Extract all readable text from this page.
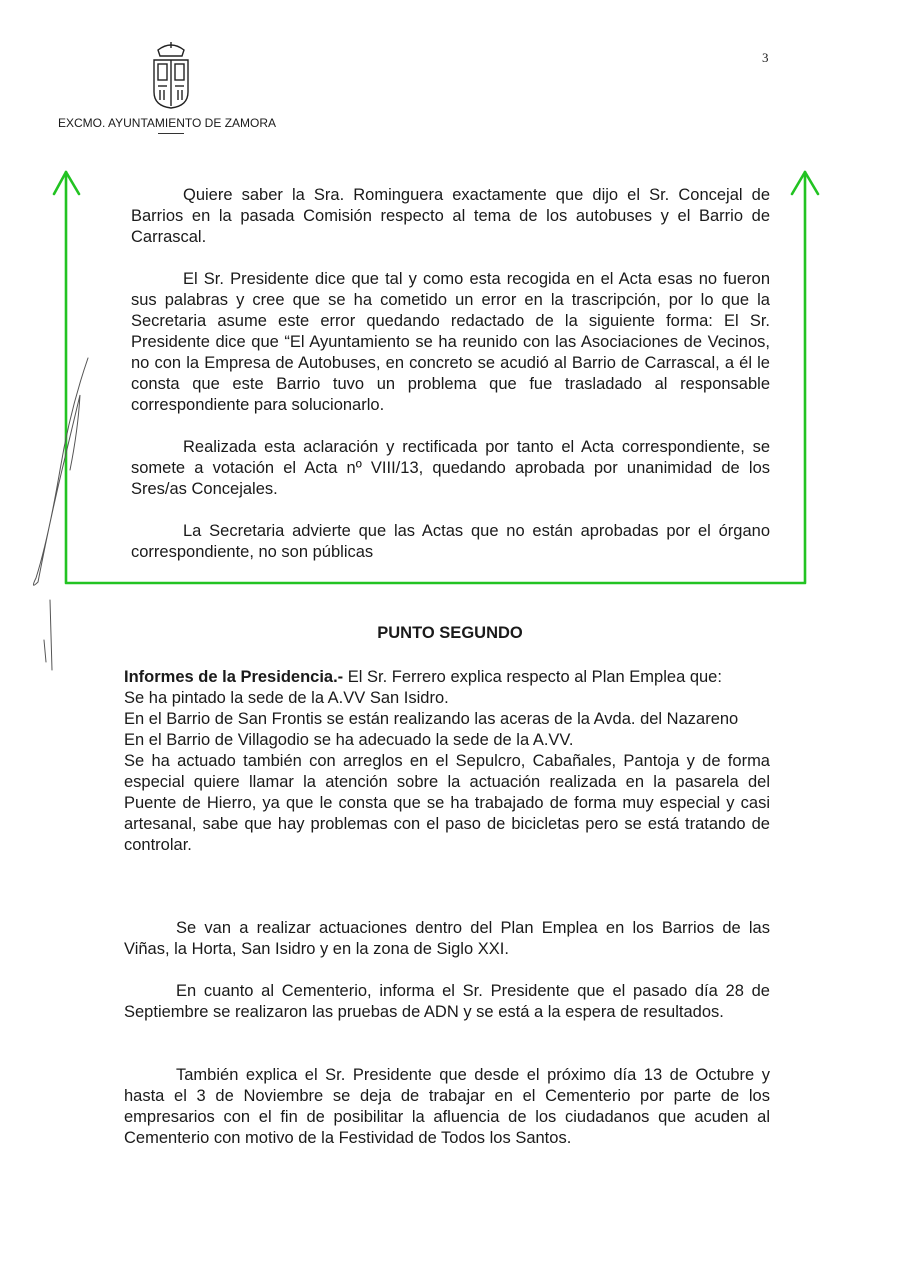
EXCMO. AYUNTAMIENTO DE ZAMORA
3
Quiere saber la Sra. Rominguera exactamente que dijo el Sr. Concejal de Barrios en la pasada Comisión respecto al tema de los autobuses y el Barrio de Carrascal.
El Sr. Presidente dice que tal y como esta recogida en el Acta esas no fueron sus palabras y cree que se ha cometido un error en la trascripción, por lo que la Secretaria asume este error quedando redactado de la siguiente forma: El Sr. Presidente dice que “El Ayuntamiento se ha reunido con las Asociaciones de Vecinos, no con la Empresa de Autobuses, en concreto se acudió al Barrio de Carrascal, a él le consta que este Barrio tuvo un problema que fue trasladado al responsable correspondiente para solucionarlo.
Realizada esta aclaración y rectificada por tanto el Acta correspondiente, se somete a votación el Acta nº VIII/13, quedando aprobada por unanimidad de los Sres/as Concejales.
La Secretaria advierte que las Actas que no están aprobadas por el órgano correspondiente, no son públicas
PUNTO SEGUNDO
Informes de la Presidencia.- El Sr. Ferrero explica respecto al Plan Emplea que:
Se ha pintado la sede de la A.VV San Isidro.
En el Barrio de San Frontis se están realizando las aceras de la Avda. del Nazareno
En el Barrio de Villagodio se ha adecuado la sede de la A.VV.
Se ha actuado también con arreglos en el Sepulcro, Cabañales, Pantoja y de forma especial quiere llamar la atención sobre la actuación realizada en la pasarela del Puente de Hierro, ya que le consta que se ha trabajado de forma muy especial y casi artesanal, sabe que hay problemas con el paso de bicicletas pero se está tratando de controlar.
Se van a realizar actuaciones dentro del Plan Emplea en los Barrios de las Viñas, la Horta, San Isidro y en la zona de Siglo XXI.
En cuanto al Cementerio, informa el Sr. Presidente que el pasado día 28 de Septiembre se realizaron las pruebas de ADN y se está a la espera de resultados.
También explica el Sr. Presidente que desde el próximo día 13 de Octubre y hasta el 3 de Noviembre se deja de trabajar en el Cementerio por parte de los empresarios con el fin de posibilitar la afluencia de los ciudadanos que acuden al Cementerio con motivo de la Festividad de Todos los Santos.
